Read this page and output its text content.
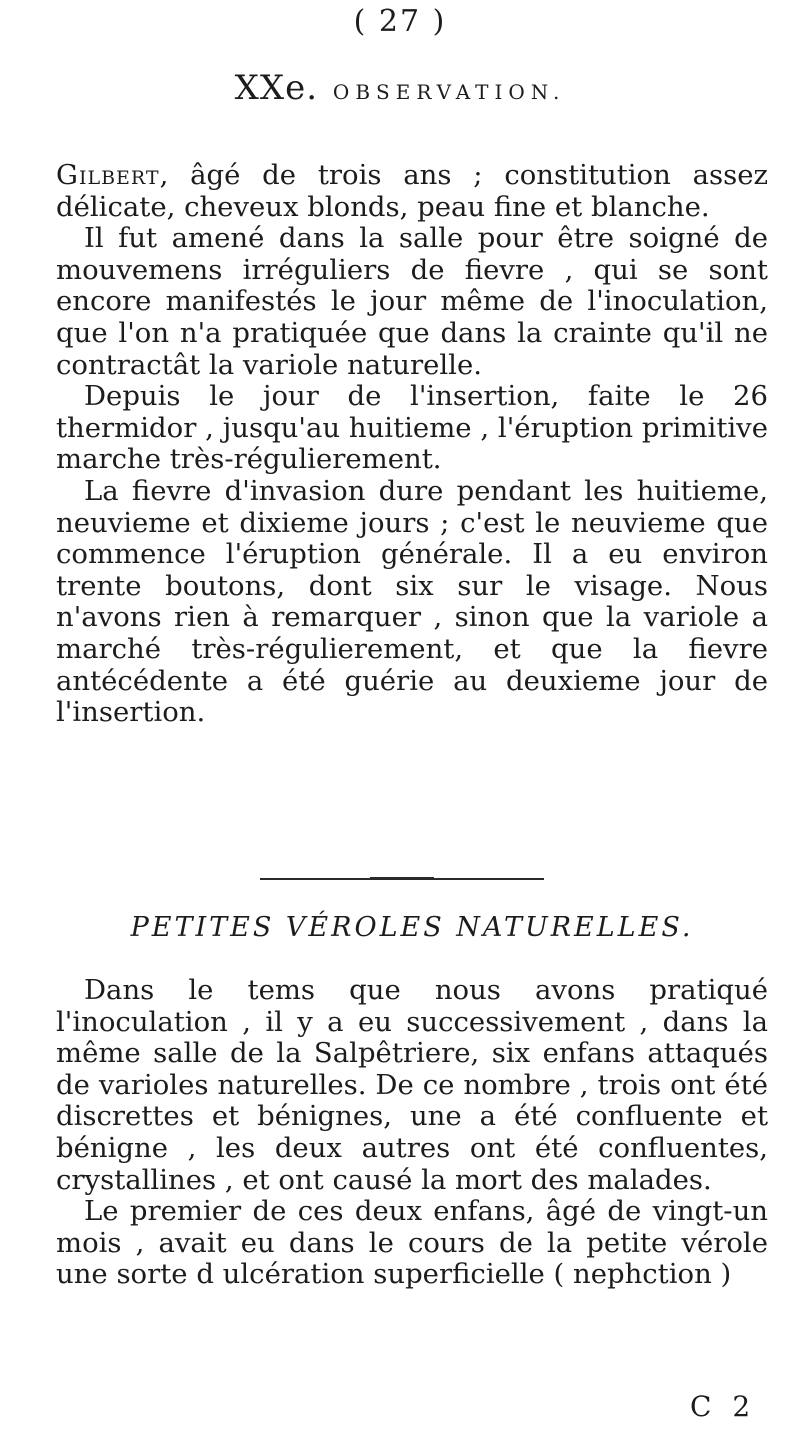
( 27 )
XXe. OBSERVATION.

Gilbert, âgé de trois ans ; constitution assez délicate, cheveux blonds, peau fine et blanche.

Il fut amené dans la salle pour être soigné de mouvemens irréguliers de fievre , qui se sont encore manifestés le jour même de l'inoculation, que l'on n'a pratiquée que dans la crainte qu'il ne contractât la variole naturelle.

Depuis le jour de l'insertion, faite le 26 thermidor , jusqu'au huitieme , l'éruption primitive marche très-régulierement.

La fievre d'invasion dure pendant les huitieme, neuvieme et dixieme jours ; c'est le neuvieme que commence l'éruption générale. Il a eu environ trente boutons, dont six sur le visage. Nous n'avons rien à remarquer , sinon que la variole a marché très-régulierement, et que la fievre antécédente a été guérie au deuxieme jour de l'insertion.

PETITES VÉROLES NATURELLES.

Dans le tems que nous avons pratiqué l'inoculation , il y a eu successivement , dans la même salle de la Salpêtriere, six enfans attaqués de varioles naturelles. De ce nombre , trois ont été discrettes et bénignes, une a été confluente et bénigne , les deux autres ont été confluentes, crystallines , et ont causé la mort des malades.

Le premier de ces deux enfans, âgé de vingt-un mois , avait eu dans le cours de la petite vérole une sorte d ulcération superficielle ( nephction )

C 2
